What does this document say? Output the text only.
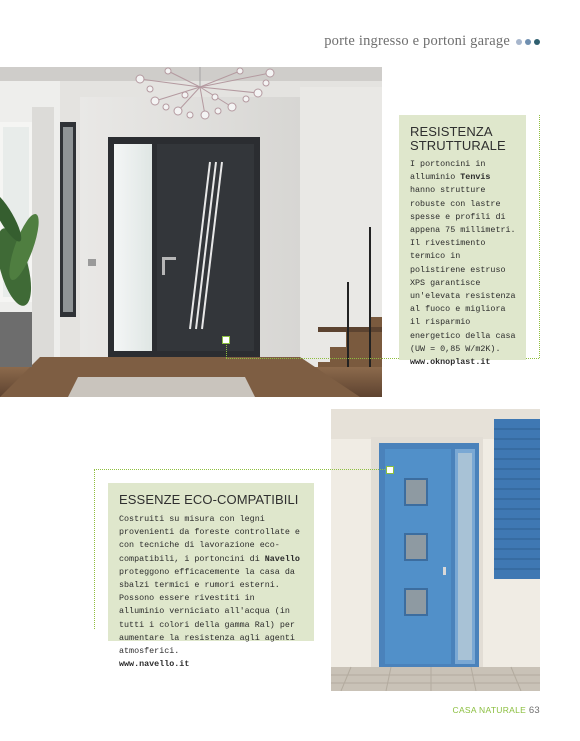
porte ingresso e portoni garage
RESISTENZA
STRUTTURALE
I portoncini in alluminio Tenvis hanno strutture robuste con lastre spesse e profili di appena 75 millimetri. Il rivestimento termico in polistirene estruso XPS garantisce un'elevata resistenza al fuoco e migliora il risparmio energetico della casa (UW = 0,85 W/m2K).
www.oknoplast.it
ESSENZE ECO-COMPATIBILI
Costruiti su misura con legni provenienti da foreste controllate e con tecniche di lavorazione eco-compatibili, i portoncini di Navello proteggono efficacemente la casa da sbalzi termici e rumori esterni. Possono essere rivestiti in alluminio verniciato all'acqua (in tutti i colori della gamma Ral) per aumentare la resistenza agli agenti atmosferici.
www.navello.it
CASA NATURALE 63
